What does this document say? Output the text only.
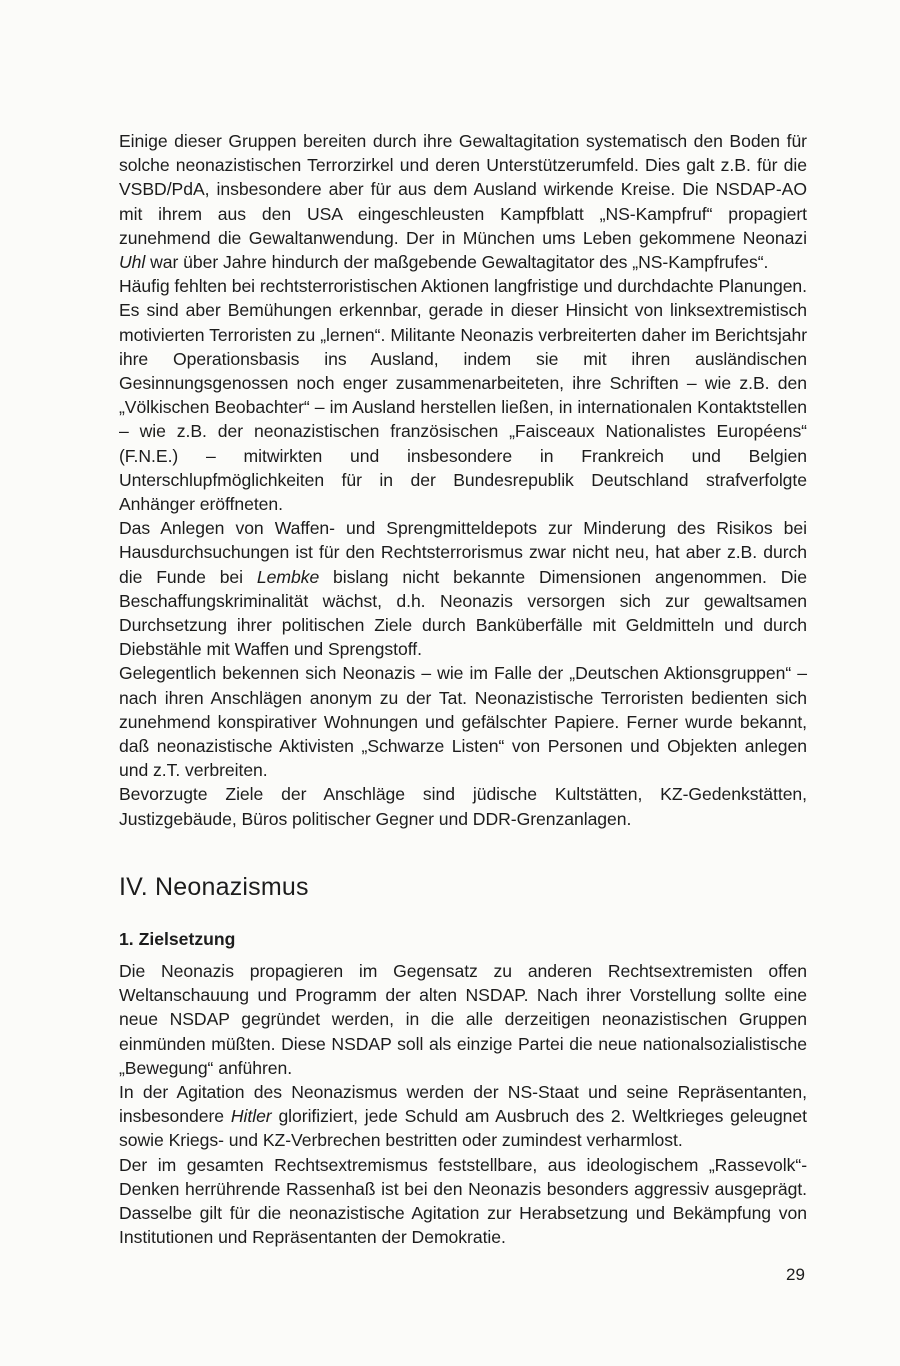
Einige dieser Gruppen bereiten durch ihre Gewaltagitation systematisch den Boden für solche neonazistischen Terrorzirkel und deren Unterstützerumfeld. Dies galt z.B. für die VSBD/PdA, insbesondere aber für aus dem Ausland wirkende Kreise. Die NSDAP-AO mit ihrem aus den USA eingeschleusten Kampfblatt „NS-Kampfruf“ propagiert zunehmend die Gewaltanwendung. Der in München ums Leben gekommene Neonazi Uhl war über Jahre hindurch der maßgebende Gewaltagitator des „NS-Kampfrufes“.

Häufig fehlten bei rechtsterroristischen Aktionen langfristige und durchdachte Planungen. Es sind aber Bemühungen erkennbar, gerade in dieser Hinsicht von linksextremistisch motivierten Terroristen zu „lernen“. Militante Neonazis verbreiterten daher im Berichtsjahr ihre Operationsbasis ins Ausland, indem sie mit ihren ausländischen Gesinnungsgenossen noch enger zusammenarbeiteten, ihre Schriften – wie z.B. den „Völkischen Beobachter“ – im Ausland herstellen ließen, in internationalen Kontaktstellen – wie z.B. der neonazistischen französischen „Faisceaux Nationalistes Européens“ (F.N.E.) – mitwirkten und insbesondere in Frankreich und Belgien Unterschlupfmöglichkeiten für in der Bundesrepublik Deutschland strafverfolgte Anhänger eröffneten.

Das Anlegen von Waffen- und Sprengmitteldepots zur Minderung des Risikos bei Hausdurchsuchungen ist für den Rechtsterrorismus zwar nicht neu, hat aber z.B. durch die Funde bei Lembke bislang nicht bekannte Dimensionen angenommen. Die Beschaffungskriminalität wächst, d.h. Neonazis versorgen sich zur gewaltsamen Durchsetzung ihrer politischen Ziele durch Banküberfälle mit Geldmitteln und durch Diebstähle mit Waffen und Sprengstoff.

Gelegentlich bekennen sich Neonazis – wie im Falle der „Deutschen Aktionsgruppen“ – nach ihren Anschlägen anonym zu der Tat. Neonazistische Terroristen bedienten sich zunehmend konspirativer Wohnungen und gefälschter Papiere. Ferner wurde bekannt, daß neonazistische Aktivisten „Schwarze Listen“ von Personen und Objekten anlegen und z.T. verbreiten.

Bevorzugte Ziele der Anschläge sind jüdische Kultstätten, KZ-Gedenkstätten, Justizgebäude, Büros politischer Gegner und DDR-Grenzanlagen.

IV. Neonazismus
1. Zielsetzung

Die Neonazis propagieren im Gegensatz zu anderen Rechtsextremisten offen Weltanschauung und Programm der alten NSDAP. Nach ihrer Vorstellung sollte eine neue NSDAP gegründet werden, in die alle derzeitigen neonazistischen Gruppen einmünden müßten. Diese NSDAP soll als einzige Partei die neue nationalsozialistische „Bewegung“ anführen.

In der Agitation des Neonazismus werden der NS-Staat und seine Repräsentanten, insbesondere Hitler glorifiziert, jede Schuld am Ausbruch des 2. Weltkrieges geleugnet sowie Kriegs- und KZ-Verbrechen bestritten oder zumindest verharmlost.

Der im gesamten Rechtsextremismus feststellbare, aus ideologischem „Rassevolk“-Denken herrührende Rassenhaß ist bei den Neonazis besonders aggressiv ausgeprägt. Dasselbe gilt für die neonazistische Agitation zur Herabsetzung und Bekämpfung von Institutionen und Repräsentanten der Demokratie.

29
